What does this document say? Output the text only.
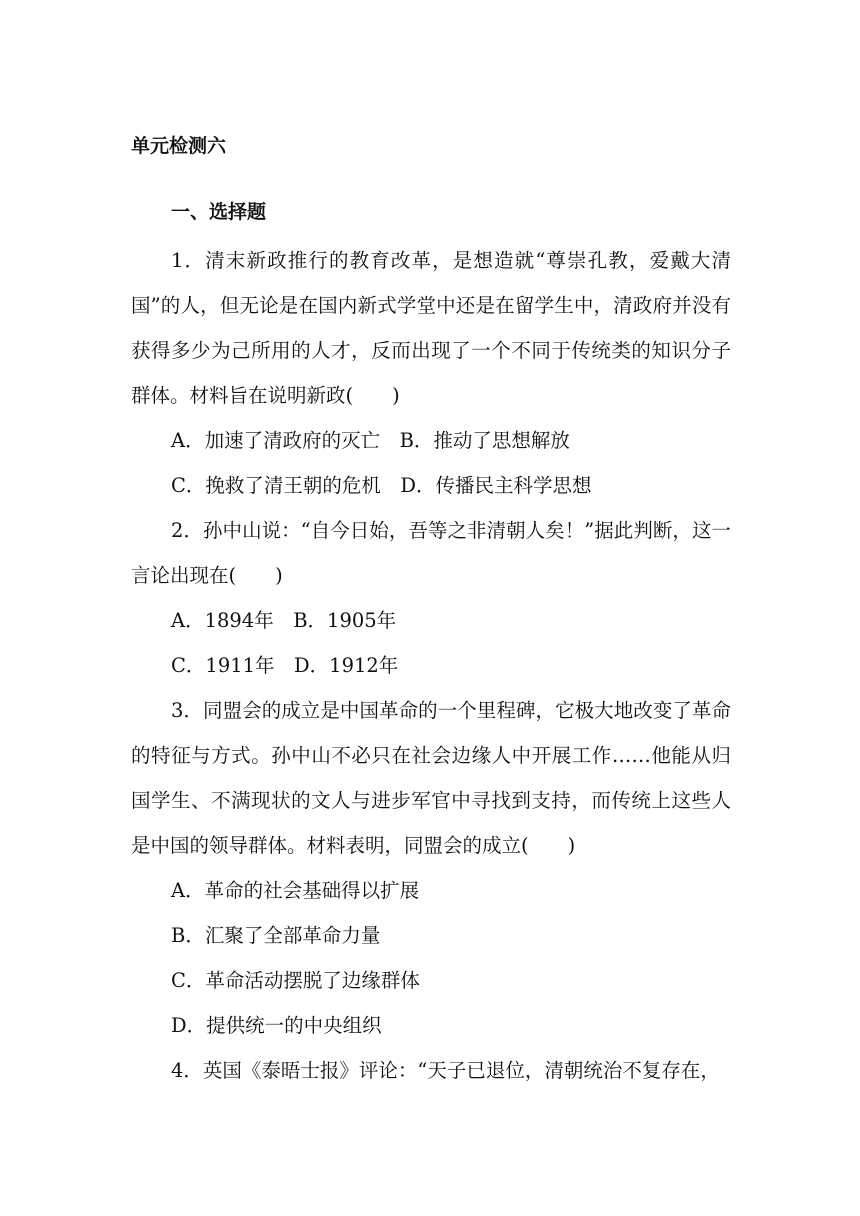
单元检测六
一、选择题

1．清末新政推行的教育改革，是想造就“尊崇孔教，爱戴大清国”的人，但无论是在国内新式学堂中还是在留学生中，清政府并没有获得多少为己所用的人才，反而出现了一个不同于传统类的知识分子群体。材料旨在说明新政(　　)

A．加速了清政府的灭亡　B．推动了思想解放

C．挽救了清王朝的危机　D．传播民主科学思想

2．孙中山说：“自今日始，吾等之非清朝人矣！”据此判断，这一言论出现在(　　)

A．1894年　B．1905年

C．1911年　D．1912年

3．同盟会的成立是中国革命的一个里程碑，它极大地改变了革命的特征与方式。孙中山不必只在社会边缘人中开展工作……他能从归国学生、不满现状的文人与进步军官中寻找到支持，而传统上这些人是中国的领导群体。材料表明，同盟会的成立(　　)

A．革命的社会基础得以扩展

B．汇聚了全部革命力量

C．革命活动摆脱了边缘群体

D．提供统一的中央组织

4．英国《泰晤士报》评论：“天子已退位，清朝统治不复存在，
